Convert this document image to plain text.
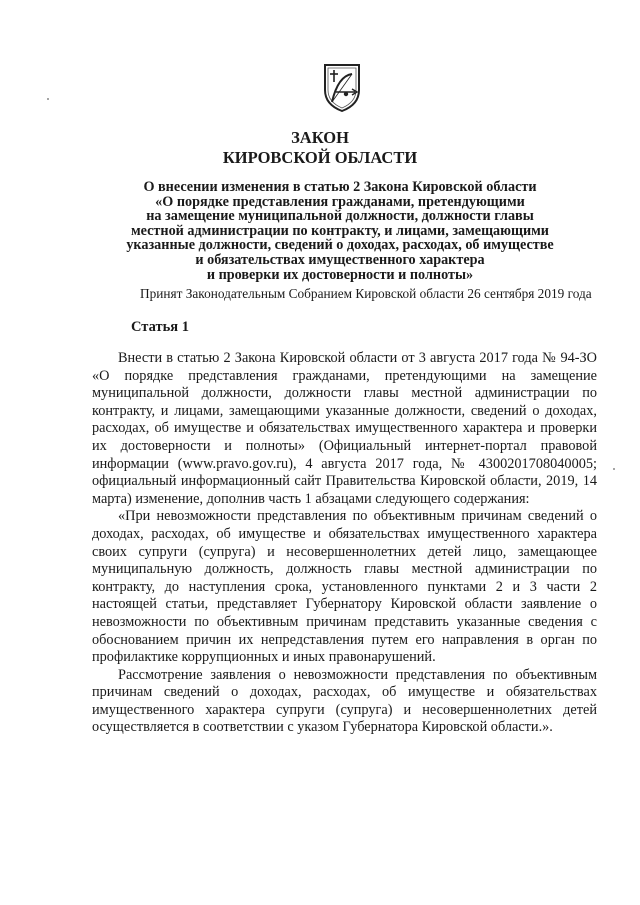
ЗАКОН
КИРОВСКОЙ ОБЛАСТИ
О внесении изменения в статью 2 Закона Кировской области
«О порядке представления гражданами, претендующими
на замещение муниципальной должности, должности главы
местной администрации по контракту, и лицами, замещающими
указанные должности, сведений о доходах, расходах, об имуществе
и обязательствах имущественного характера
и проверки их достоверности и полноты»
Принят Законодательным Собранием Кировской области 26 сентября 2019 года
Статья 1

Внести в статью 2 Закона Кировской области от 3 августа 2017 года № 94-ЗО «О порядке представления гражданами, претендующими на замещение муниципальной должности, должности главы местной администрации по контракту, и лицами, замещающими указанные должности, сведений о доходах, расходах, об имуществе и обязательствах имущественного характера и проверки их достоверности и полноты» (Официальный интернет-портал правовой информации (www.pravo.gov.ru), 4 августа 2017 года, № 4300201708040005; официальный информационный сайт Правительства Кировской области, 2019, 14 марта) изменение, дополнив часть 1 абзацами следующего содержания:

«При невозможности представления по объективным причинам сведений о доходах, расходах, об имуществе и обязательствах имущественного характера своих супруги (супруга) и несовершеннолетних детей лицо, замещающее муниципальную должность, должность главы местной администрации по контракту, до наступления срока, установленного пунктами 2 и 3 части 2 настоящей статьи, представляет Губернатору Кировской области заявление о невозможности по объективным причинам представить указанные сведения с обоснованием причин их непредставления путем его направления в орган по профилактике коррупционных и иных правонарушений.

Рассмотрение заявления о невозможности представления по объективным причинам сведений о доходах, расходах, об имуществе и обязательствах имущественного характера супруги (супруга) и несовершеннолетних детей осуществляется в соответствии с указом Губернатора Кировской области.».
